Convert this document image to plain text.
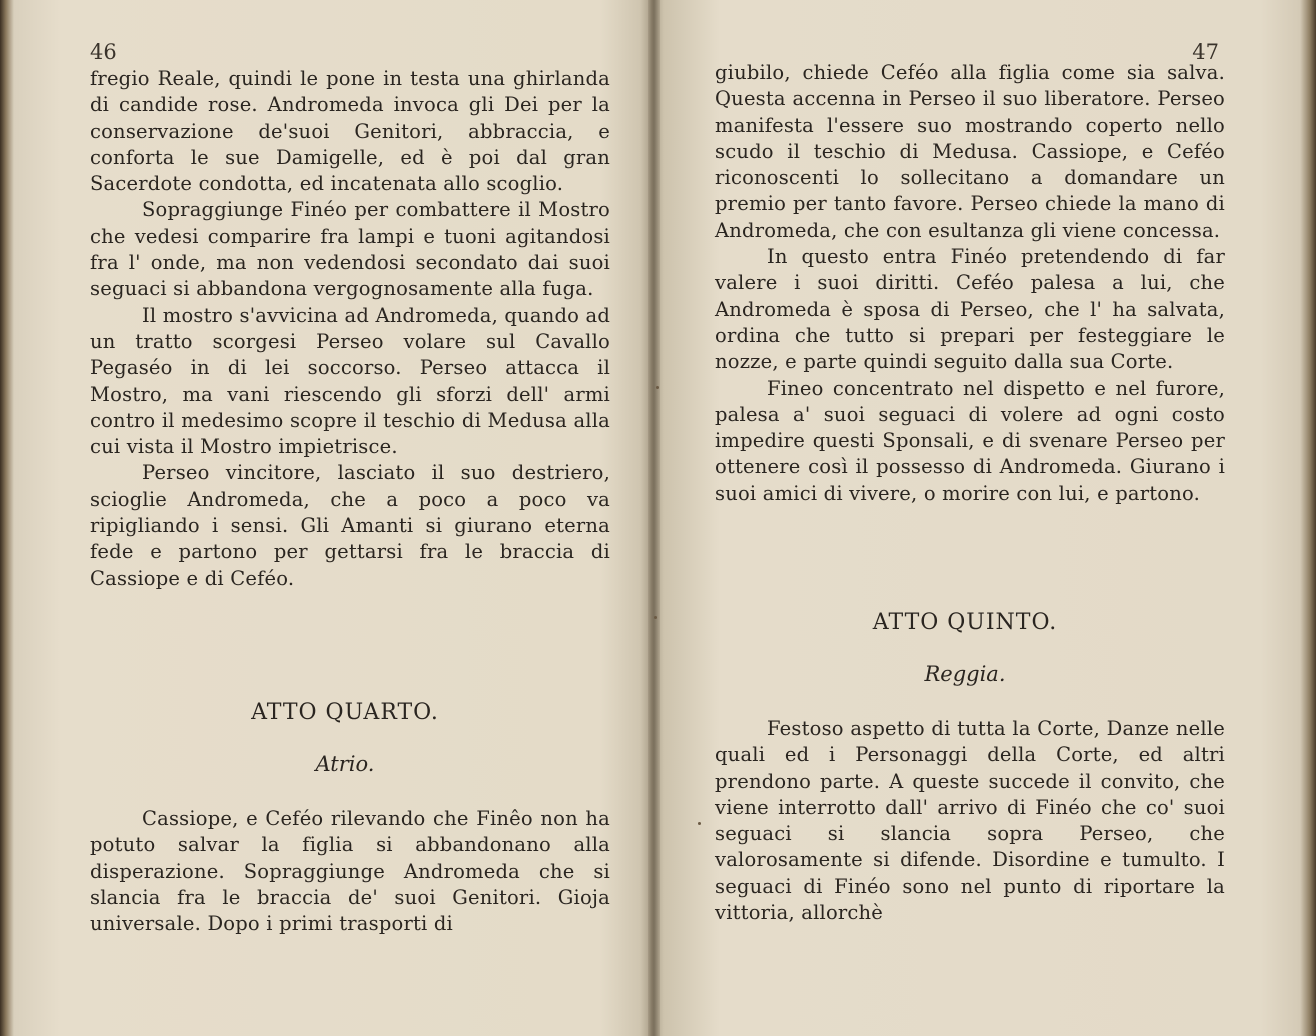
46

fregio Reale, quindi le pone in testa una ghirlanda di candide rose. Andromeda invoca gli Dei per la conservazione de'suoi Genitori, abbraccia, e conforta le sue Damigelle, ed è poi dal gran Sacerdote condotta, ed incatenata allo scoglio.

Sopraggiunge Finéo per combattere il Mostro che vedesi comparire fra lampi e tuoni agitandosi fra l' onde, ma non vedendosi secondato dai suoi seguaci si abbandona vergognosamente alla fuga.

Il mostro s'avvicina ad Andromeda, quando ad un tratto scorgesi Perseo volare sul Cavallo Pegaséo in di lei soccorso. Perseo attacca il Mostro, ma vani riescendo gli sforzi dell' armi contro il medesimo scopre il teschio di Medusa alla cui vista il Mostro impietrisce.

Perseo vincitore, lasciato il suo destriero, scioglie Andromeda, che a poco a poco va ripigliando i sensi. Gli Amanti si giurano eterna fede e partono per gettarsi fra le braccia di Cassiope e di Ceféo.

ATTO QUARTO.
Atrio.

Cassiope, e Ceféo rilevando che Finêo non ha potuto salvar la figlia si abbandonano alla disperazione. Sopraggiunge Andromeda che si slancia fra le braccia de' suoi Genitori. Gioja universale. Dopo i primi trasporti di

47

giubilo, chiede Ceféo alla figlia come sia salva. Questa accenna in Perseo il suo liberatore. Perseo manifesta l'essere suo mostrando coperto nello scudo il teschio di Medusa. Cassiope, e Ceféo riconoscenti lo sollecitano a domandare un premio per tanto favore. Perseo chiede la mano di Andromeda, che con esultanza gli viene concessa.

In questo entra Finéo pretendendo di far valere i suoi diritti. Ceféo palesa a lui, che Andromeda è sposa di Perseo, che l' ha salvata, ordina che tutto si prepari per festeggiare le nozze, e parte quindi seguito dalla sua Corte.

Fineo concentrato nel dispetto e nel furore, palesa a' suoi seguaci di volere ad ogni costo impedire questi Sponsali, e di svenare Perseo per ottenere così il possesso di Andromeda. Giurano i suoi amici di vivere, o morire con lui, e partono.

ATTO QUINTO.
Reggia.

Festoso aspetto di tutta la Corte, Danze nelle quali ed i Personaggi della Corte, ed altri prendono parte. A queste succede il convito, che viene interrotto dall' arrivo di Finéo che co' suoi seguaci si slancia sopra Perseo, che valorosamente si difende. Disordine e tumulto. I seguaci di Finéo sono nel punto di riportare la vittoria, allorchè
